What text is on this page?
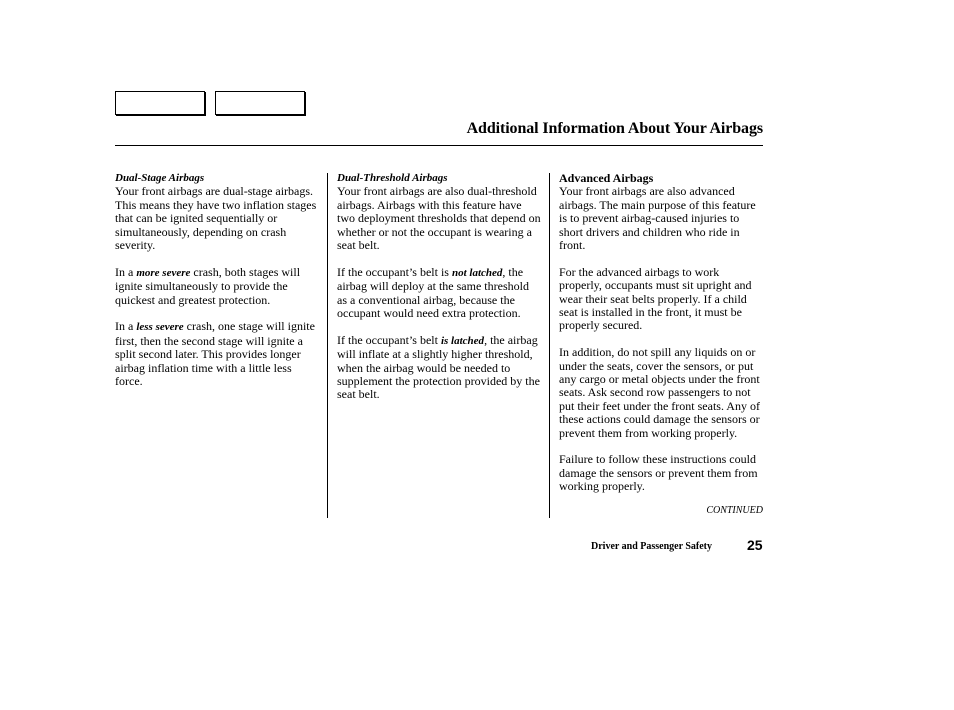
Additional Information About Your Airbags
Dual-Stage Airbags

Your front airbags are dual-stage airbags. This means they have two inflation stages that can be ignited sequentially or simultaneously, depending on crash severity.

In a more severe crash, both stages will ignite simultaneously to provide the quickest and greatest protection.

In a less severe crash, one stage will ignite first, then the second stage will ignite a split second later. This provides longer airbag inflation time with a little less force.

Dual-Threshold Airbags

Your front airbags are also dual-threshold airbags. Airbags with this feature have two deployment thresholds that depend on whether or not the occupant is wearing a seat belt.

If the occupant’s belt is not latched, the airbag will deploy at the same threshold as a conventional airbag, because the occupant would need extra protection.

If the occupant’s belt is latched, the airbag will inflate at a slightly higher threshold, when the airbag would be needed to supplement the protection provided by the seat belt.

Advanced Airbags

Your front airbags are also advanced airbags. The main purpose of this feature is to prevent airbag-caused injuries to short drivers and children who ride in front.

For the advanced airbags to work properly, occupants must sit upright and wear their seat belts properly. If a child seat is installed in the front, it must be properly secured.

In addition, do not spill any liquids on or under the seats, cover the sensors, or put any cargo or metal objects under the front seats. Ask second row passengers to not put their feet under the front seats. Any of these actions could damage the sensors or prevent them from working properly.

Failure to follow these instructions could damage the sensors or prevent them from working properly.

CONTINUED
Driver and Passenger Safety 25
